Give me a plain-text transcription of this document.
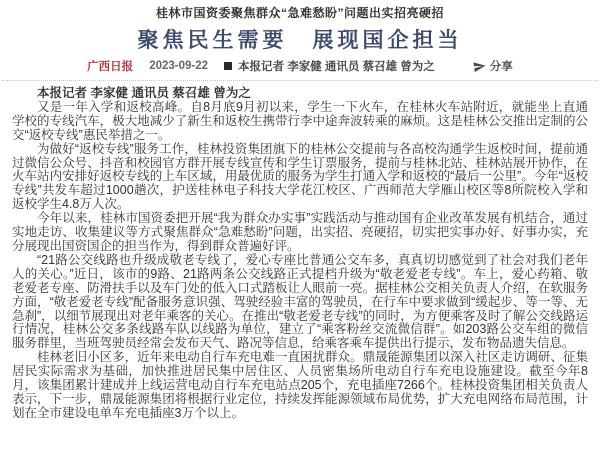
桂林市国资委聚焦群众“急难愁盼”问题出实招亮硬招
聚焦民生需要　展现国企担当
广西日报 2023-09-22	本报记者 李家健 通讯员 蔡召雄 曾为之	分享

本报记者 李家健 通讯员 蔡召雄 曾为之

又是一年入学和返校高峰。自8月底9月初以来，学生一下火车，在桂林火车站附近，就能坐上直通学校的专线汽车，极大地减少了新生和返校生携带行李中途奔波转乘的麻烦。这是桂林公交推出定制的公交“返校专线”惠民举措之一。

为做好“返校专线”服务工作，桂林投资集团旗下的桂林公交提前与各高校沟通学生返校时间，提前通过微信公众号、抖音和校园官方群开展专线宣传和学生订票服务，提前与桂林北站、桂林站展开协作，在火车站内安排好返校专线的上车区域，用最优质的服务为学生打通入学和返校的“最后一公里”。今年“返校专线”共发车超过1000趟次，护送桂林电子科技大学花江校区、广西师范大学雁山校区等8所院校入学和返校学生4.8万人次。

今年以来，桂林市国资委把开展“我为群众办实事”实践活动与推动国有企业改革发展有机结合，通过实地走访、收集建议等方式聚焦群众“急难愁盼”问题，出实招、亮硬招，切实把实事办好、好事办实，充分展现出国资国企的担当作为，得到群众普遍好评。

“21路公交线路也升级成敬老专线了，爱心专座比普通公交车多，真真切切感觉到了社会对我们老年人的关心。”近日，该市的9路、21路两条公交线路正式提档升级为“敬老爱老专线”。车上，爱心药箱、敬老爱老专座、防滑扶手以及车门处的低入口式踏板让人眼前一亮。据桂林公交相关负责人介绍，在软服务方面，“敬老爱老专线”配备服务意识强、驾驶经验丰富的驾驶员，在行车中要求做到“缓起步、等一等、无急刹”，以细节展现出对老年乘客的关心。在推出“敬老爱老专线”的同时，为方便乘客及时了解公交线路运行情况，桂林公交多条线路车队以线路为单位，建立了“乘客粉丝交流微信群”。如203路公交车组的微信服务群里，当班驾驶员经常会发布天气、路况等信息，给乘客乘车提供出行提示，发布物品遗失信息。

桂林老旧小区多，近年来电动自行车充电难一直困扰群众。鼎晟能源集团以深入社区走访调研、征集居民实际需求为基础，加快推进居民集中居住区、人员密集场所电动自行车充电设施建设。截至今年8月，该集团累计建成并上线运营电动自行车充电站点205个，充电插座7266个。桂林投资集团相关负责人表示，下一步，鼎晟能源集团将根据行业定位，持续发挥能源领域布局优势，扩大充电网络布局范围，计划在全市建设电单车充电插座3万个以上。
